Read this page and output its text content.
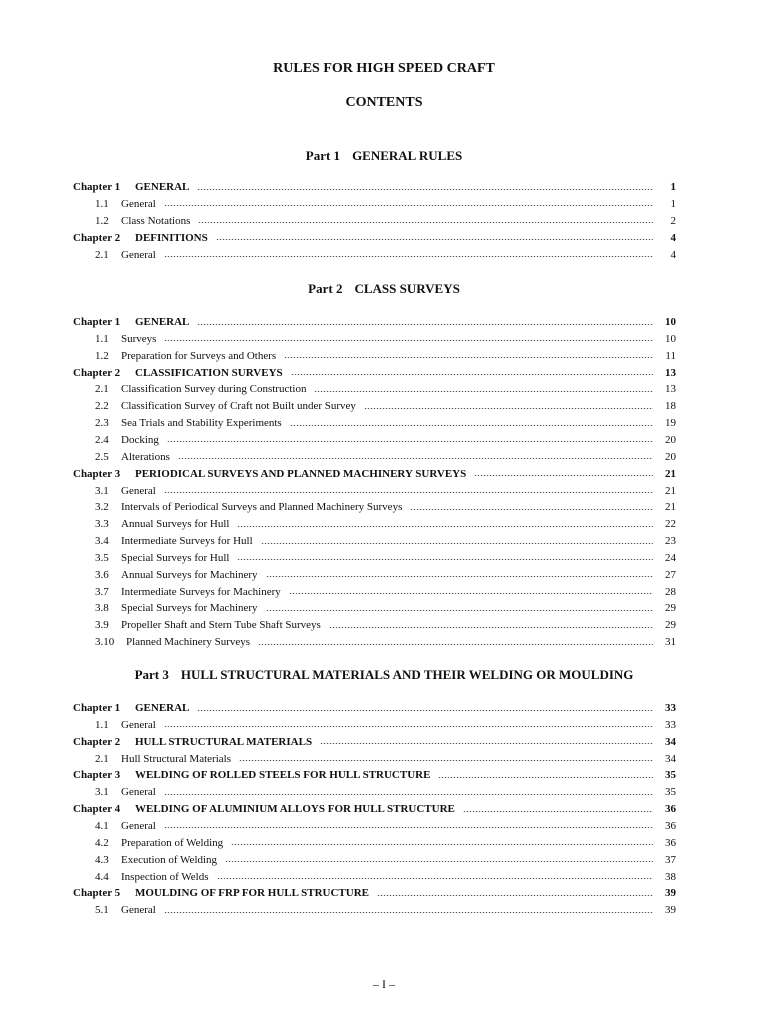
RULES FOR HIGH SPEED CRAFT
CONTENTS
Part 1 GENERAL RULES
Chapter 1	GENERAL	1
1.1	General	1
1.2	Class Notations	2
Chapter 2	DEFINITIONS	4
2.1	General	4
Part 2 CLASS SURVEYS
Chapter 1	GENERAL	10
1.1	Surveys	10
1.2	Preparation for Surveys and Others	11
Chapter 2	CLASSIFICATION SURVEYS	13
2.1	Classification Survey during Construction	13
2.2	Classification Survey of Craft not Built under Survey	18
2.3	Sea Trials and Stability Experiments	19
2.4	Docking	20
2.5	Alterations	20
Chapter 3	PERIODICAL SURVEYS AND PLANNED MACHINERY SURVEYS	21
3.1	General	21
3.2	Intervals of Periodical Surveys and Planned Machinery Surveys	21
3.3	Annual Surveys for Hull	22
3.4	Intermediate Surveys for Hull	23
3.5	Special Surveys for Hull	24
3.6	Annual Surveys for Machinery	27
3.7	Intermediate Surveys for Machinery	28
3.8	Special Surveys for Machinery	29
3.9	Propeller Shaft and Stern Tube Shaft Surveys	29
3.10	Planned Machinery Surveys	31
Part 3 HULL STRUCTURAL MATERIALS AND THEIR WELDING OR MOULDING
Chapter 1	GENERAL	33
1.1	General	33
Chapter 2	HULL STRUCTURAL MATERIALS	34
2.1	Hull Structural Materials	34
Chapter 3	WELDING OF ROLLED STEELS FOR HULL STRUCTURE	35
3.1	General	35
Chapter 4	WELDING OF ALUMINIUM ALLOYS FOR HULL STRUCTURE	36
4.1	General	36
4.2	Preparation of Welding	36
4.3	Execution of Welding	37
4.4	Inspection of Welds	38
Chapter 5	MOULDING OF FRP FOR HULL STRUCTURE	39
5.1	General	39
– I –
